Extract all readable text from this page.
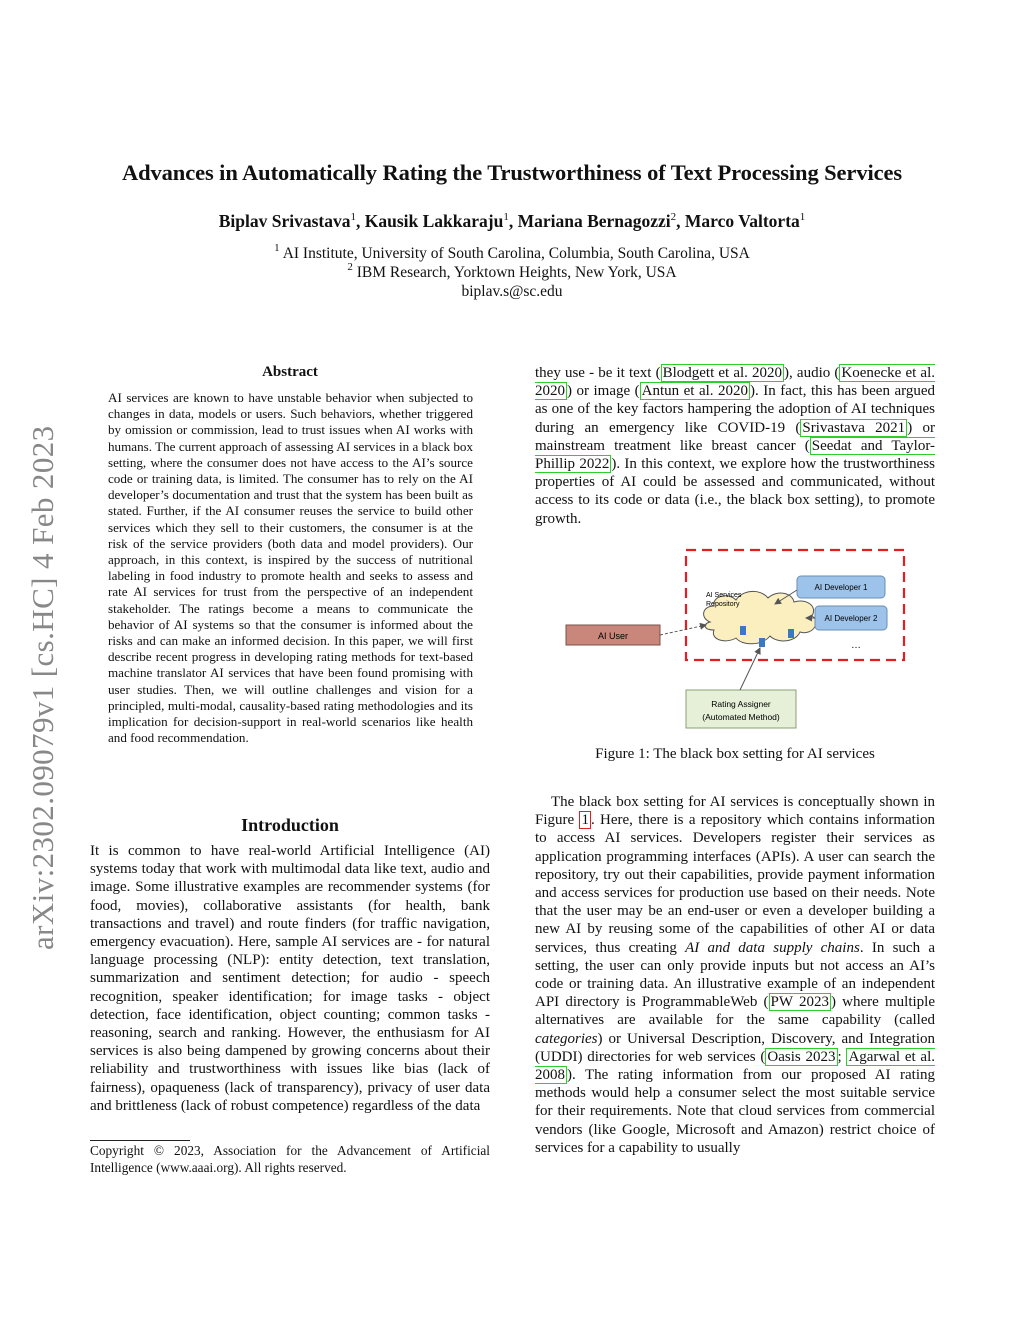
Advances in Automatically Rating the Trustworthiness of Text Processing Services
Biplav Srivastava$^1$, Kausik Lakkaraju$^1$, Mariana Bernagozzi$^2$, Marco Valtorta$^1$
$^1$ AI Institute, University of South Carolina, Columbia, South Carolina, USA
$^2$ IBM Research, Yorktown Heights, New York, USA
biplav.s@sc.edu
arXiv:2302.09079v1 [cs.HC] 4 Feb 2023
Abstract
AI services are known to have unstable behavior when subjected to changes in data, models or users. Such behaviors, whether triggered by omission or commission, lead to trust issues when AI works with humans. The current approach of assessing AI services in a black box setting, where the consumer does not have access to the AI’s source code or training data, is limited. The consumer has to rely on the AI developer’s documentation and trust that the system has been built as stated. Further, if the AI consumer reuses the service to build other services which they sell to their customers, the consumer is at the risk of the service providers (both data and model providers). Our approach, in this context, is inspired by the success of nutritional labeling in food industry to promote health and seeks to assess and rate AI services for trust from the perspective of an independent stakeholder. The ratings become a means to communicate the behavior of AI systems so that the consumer is informed about the risks and can make an informed decision. In this paper, we will first describe recent progress in developing rating methods for text-based machine translator AI services that have been found promising with user studies. Then, we will outline challenges and vision for a principled, multi-modal, causality-based rating methodologies and its implication for decision-support in real-world scenarios like health and food recommendation.
Introduction
It is common to have real-world Artificial Intelligence (AI) systems today that work with multimodal data like text, audio and image. Some illustrative examples are recommender systems (for food, movies), collaborative assistants (for health, bank transactions and travel) and route finders (for traffic navigation, emergency evacuation). Here, sample AI services are - for natural language processing (NLP): entity detection, text translation, summarization and sentiment detection; for audio - speech recognition, speaker identification; for image tasks - object detection, face identification, object counting; common tasks - reasoning, search and ranking. However, the enthusiasm for AI services is also being dampened by growing concerns about their reliability and trustworthiness with issues like bias (lack of fairness), opaqueness (lack of transparency), privacy of user data and brittleness (lack of robust competence) regardless of the data
Copyright © 2023, Association for the Advancement of Artificial Intelligence (www.aaai.org). All rights reserved.
they use - be it text ( Blodgett et al. 2020 ), audio ( Koenecke et al. 2020 ) or image ( Antun et al. 2020 ). In fact, this has been argued as one of the key factors hampering the adoption of AI techniques during an emergency like COVID-19 ( Srivastava 2021 ) or mainstream treatment like breast cancer ( Seedat and Taylor-Phillip 2022 ). In this context, we explore how the trustworthiness properties of AI could be assessed and communicated, without access to its code or data (i.e., the black box setting), to promote growth.
AI User
AI Services
Repository
AI Developer 1
AI Developer 2
…
Rating Assigner
(Automated Method)
Figure 1: The black box setting for AI services

The black box setting for AI services is conceptually shown in Figure 1 . Here, there is a repository which contains information to access AI services. Developers register their services as application programming interfaces (APIs). A user can search the repository, try out their capabilities, provide payment information and access services for production use based on their needs. Note that the user may be an end-user or even a developer building a new AI by reusing some of the capabilities of other AI or data services, thus creating AI and data supply chains. In such a setting, the user can only provide inputs but not access an AI’s code or training data. An illustrative example of an independent API directory is ProgrammableWeb ( PW 2023 ) where multiple alternatives are available for the same capability (called categories) or Universal Description, Discovery, and Integration (UDDI) directories for web services ( Oasis 2023 ; Agarwal et al. 2008 ). The rating information from our proposed AI rating methods would help a consumer select the most suitable service for their requirements. Note that cloud services from commercial vendors (like Google, Microsoft and Amazon) restrict choice of services for a capability to usually
